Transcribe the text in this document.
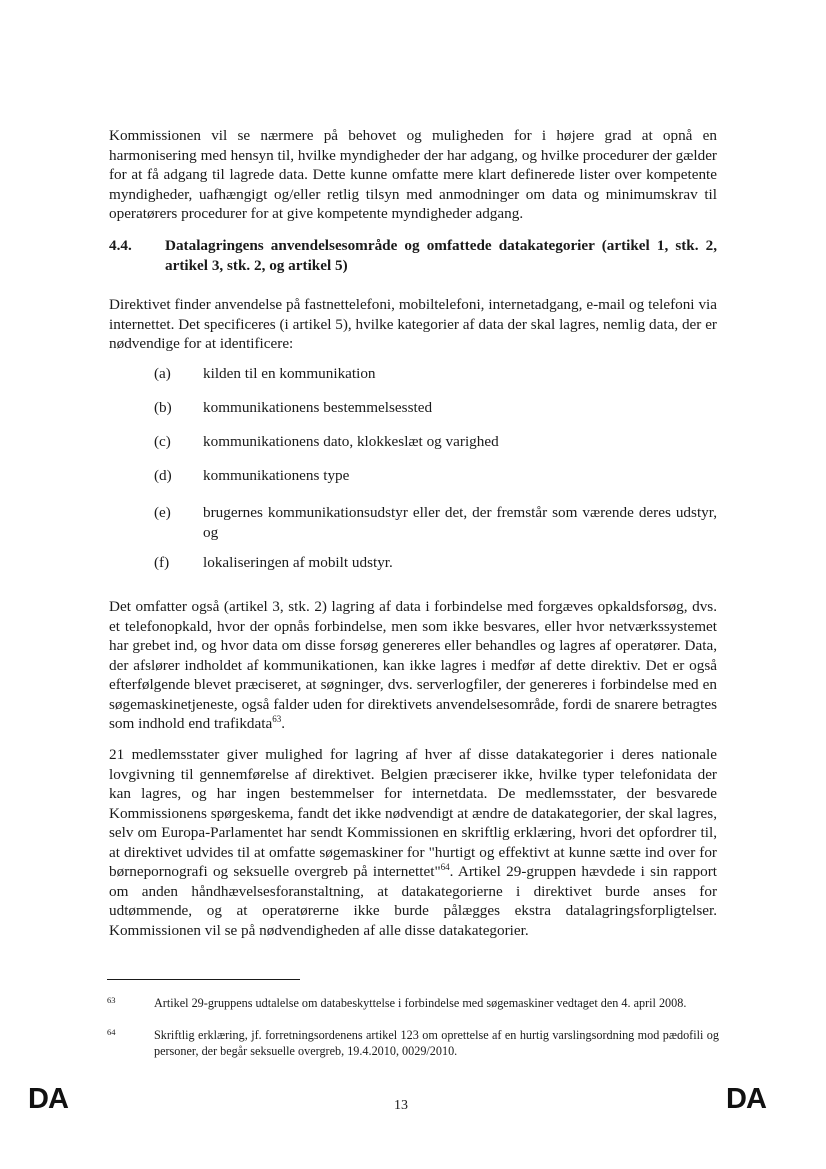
Kommissionen vil se nærmere på behovet og muligheden for i højere grad at opnå en harmonisering med hensyn til, hvilke myndigheder der har adgang, og hvilke procedurer der gælder for at få adgang til lagrede data. Dette kunne omfatte mere klart definerede lister over kompetente myndigheder, uafhængigt og/eller retlig tilsyn med anmodninger om data og minimumskrav til operatørers procedurer for at give kompetente myndigheder adgang.

4.4. Datalagringens anvendelsesområde og omfattede datakategorier (artikel 1, stk. 2, artikel 3, stk. 2, og artikel 5)

Direktivet finder anvendelse på fastnettelefoni, mobiltelefoni, internetadgang, e-mail og telefoni via internettet. Det specificeres (i artikel 5), hvilke kategorier af data der skal lagres, nemlig data, der er nødvendige for at identificere:

(a) kilden til en kommunikation
(b) kommunikationens bestemmelsessted
(c) kommunikationens dato, klokkeslæt og varighed
(d) kommunikationens type
(e) brugernes kommunikationsudstyr eller det, der fremstår som værende deres udstyr, og
(f) lokaliseringen af mobilt udstyr.

Det omfatter også (artikel 3, stk. 2) lagring af data i forbindelse med forgæves opkaldsforsøg, dvs. et telefonopkald, hvor der opnås forbindelse, men som ikke besvares, eller hvor netværkssystemet har grebet ind, og hvor data om disse forsøg genereres eller behandles og lagres af operatører. Data, der afslører indholdet af kommunikationen, kan ikke lagres i medfør af dette direktiv. Det er også efterfølgende blevet præciseret, at søgninger, dvs. serverlogfiler, der genereres i forbindelse med en søgemaskinetjeneste, også falder uden for direktivets anvendelsesområde, fordi de snarere betragtes som indhold end trafikdata$^{63}$.

21 medlemsstater giver mulighed for lagring af hver af disse datakategorier i deres nationale lovgivning til gennemførelse af direktivet. Belgien præciserer ikke, hvilke typer telefonidata der kan lagres, og har ingen bestemmelser for internetdata. De medlemsstater, der besvarede Kommissionens spørgeskema, fandt det ikke nødvendigt at ændre de datakategorier, der skal lagres, selv om Europa-Parlamentet har sendt Kommissionen en skriftlig erklæring, hvori det opfordrer til, at direktivet udvides til at omfatte søgemaskiner for "hurtigt og effektivt at kunne sætte ind over for børnepornografi og seksuelle overgreb på internettet"$^{64}$. Artikel 29-gruppen hævdede i sin rapport om anden håndhævelsesforanstaltning, at datakategorierne i direktivet burde anses for udtømmende, og at operatørerne ikke burde pålægges ekstra datalagringsforpligtelser. Kommissionen vil se på nødvendigheden af alle disse datakategorier.

63	Artikel 29-gruppens udtalelse om databeskyttelse i forbindelse med søgemaskiner vedtaget den 4. april 2008.
64	Skriftlig erklæring, jf. forretningsordenens artikel 123 om oprettelse af en hurtig varslingsordning mod pædofili og personer, der begår seksuelle overgreb, 19.4.2010, 0029/2010.
DA	13	DA
